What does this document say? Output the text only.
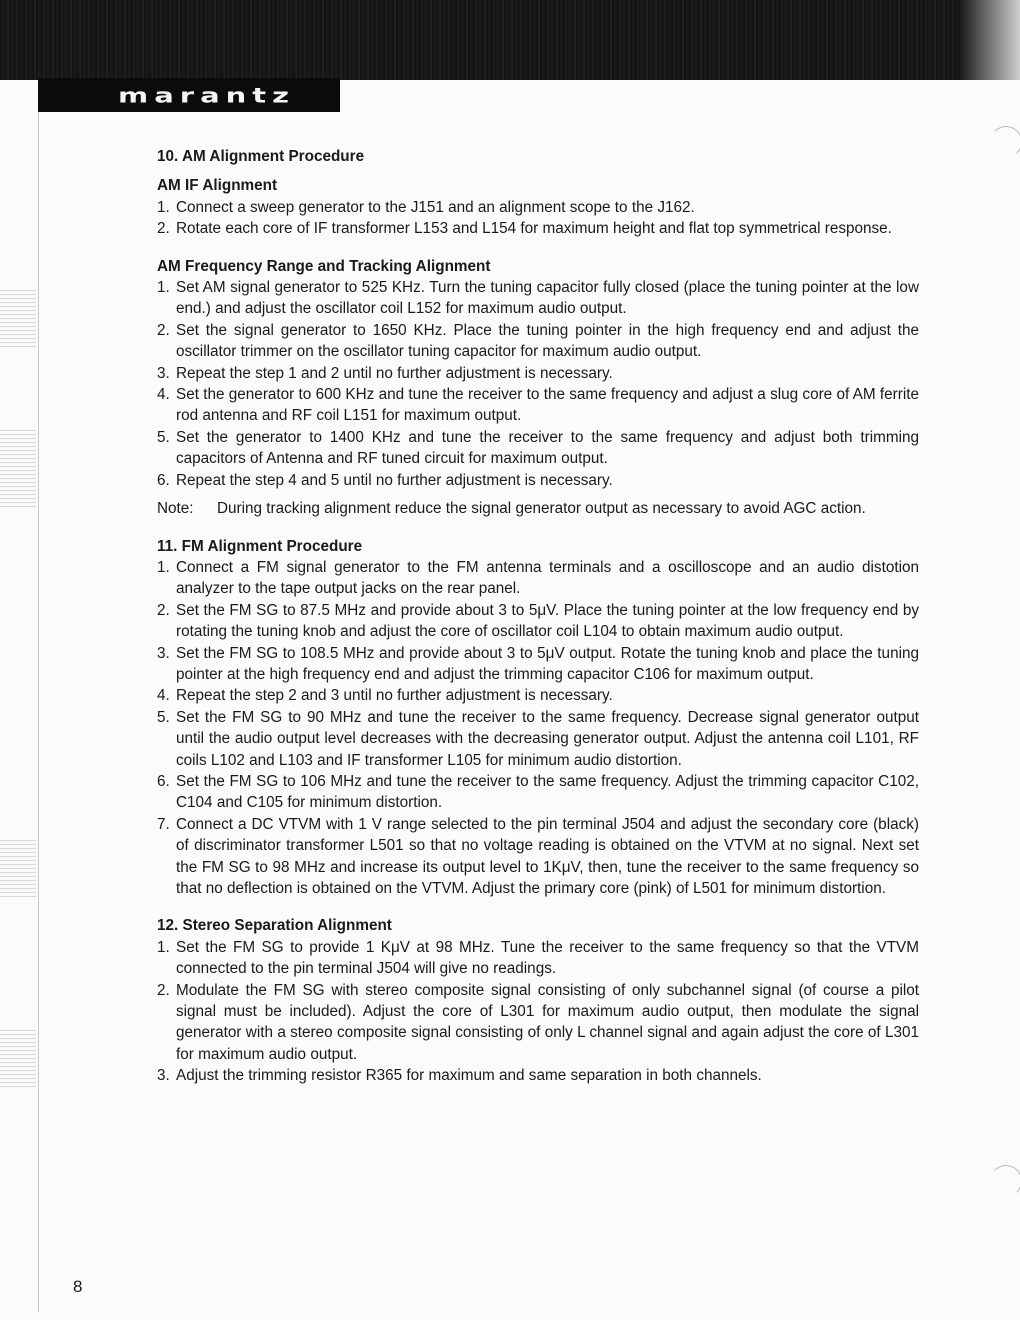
marantz

10. AM Alignment Procedure

AM IF Alignment

1. Connect a sweep generator to the J151 and an alignment scope to the J162.
2. Rotate each core of IF transformer L153 and L154 for maximum height and flat top symmetrical response.

AM Frequency Range and Tracking Alignment

1. Set AM signal generator to 525 KHz. Turn the tuning capacitor fully closed (place the tuning pointer at the low end.) and adjust the oscillator coil L152 for maximum audio output.
2. Set the signal generator to 1650 KHz. Place the tuning pointer in the high frequency end and adjust the oscillator trimmer on the oscillator tuning capacitor for maximum audio output.
3. Repeat the step 1 and 2 until no further adjustment is necessary.
4. Set the generator to 600 KHz and tune the receiver to the same frequency and adjust a slug core of AM ferrite rod antenna and RF coil L151 for maximum output.
5. Set the generator to 1400 KHz and tune the receiver to the same frequency and adjust both trimming capacitors of Antenna and RF tuned circuit for maximum output.
6. Repeat the step 4 and 5 until no further adjustment is necessary.
Note: During tracking alignment reduce the signal generator output as necessary to avoid AGC action.

11. FM Alignment Procedure

1. Connect a FM signal generator to the FM antenna terminals and a oscilloscope and an audio distotion analyzer to the tape output jacks on the rear panel.
2. Set the FM SG to 87.5 MHz and provide about 3 to 5μV. Place the tuning pointer at the low frequency end by rotating the tuning knob and adjust the core of oscillator coil L104 to obtain maximum audio output.
3. Set the FM SG to 108.5 MHz and provide about 3 to 5μV output. Rotate the tuning knob and place the tuning pointer at the high frequency end and adjust the trimming capacitor C106 for maximum output.
4. Repeat the step 2 and 3 until no further adjustment is necessary.
5. Set the FM SG to 90 MHz and tune the receiver to the same frequency. Decrease signal generator output until the audio output level decreases with the decreasing generator output. Adjust the antenna coil L101, RF coils L102 and L103 and IF transformer L105 for minimum audio distortion.
6. Set the FM SG to 106 MHz and tune the receiver to the same frequency. Adjust the trimming capacitor C102, C104 and C105 for minimum distortion.
7. Connect a DC VTVM with 1 V range selected to the pin terminal J504 and adjust the secondary core (black) of discriminator transformer L501 so that no voltage reading is obtained on the VTVM at no signal. Next set the FM SG to 98 MHz and increase its output level to 1KμV, then, tune the receiver to the same frequency so that no deflection is obtained on the VTVM. Adjust the primary core (pink) of L501 for minimum distortion.

12. Stereo Separation Alignment

1. Set the FM SG to provide 1 KμV at 98 MHz. Tune the receiver to the same frequency so that the VTVM connected to the pin terminal J504 will give no readings.
2. Modulate the FM SG with stereo composite signal consisting of only subchannel signal (of course a pilot signal must be included). Adjust the core of L301 for maximum audio output, then modulate the signal generator with a stereo composite signal consisting of only L channel signal and again adjust the core of L301 for maximum audio output.
3. Adjust the trimming resistor R365 for maximum and same separation in both channels.
8
